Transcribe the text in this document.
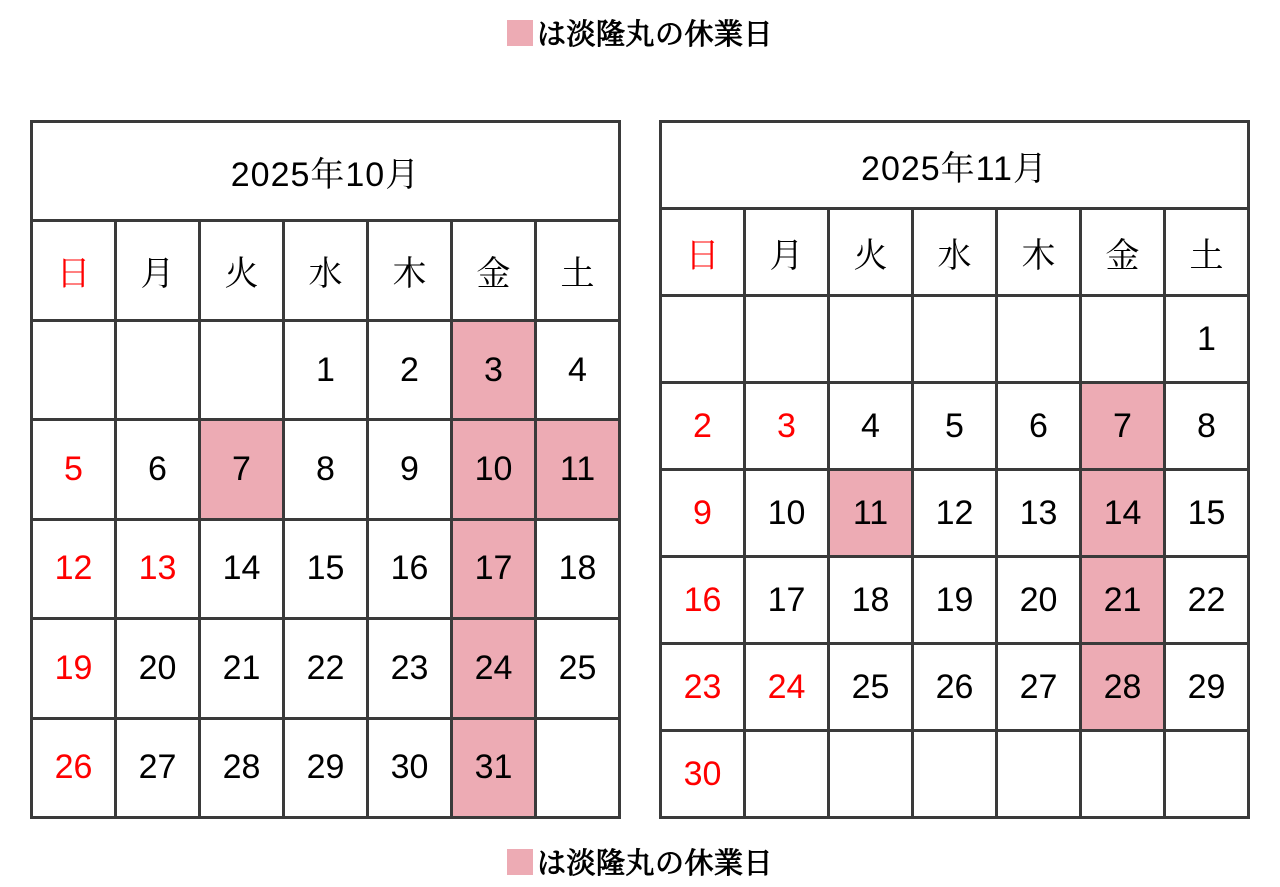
は淡隆丸の休業日
2025年10月						
日	月	火	水	木	金	土
			1	2	3	4
5	6	7	8	9	10	11
12	13	14	15	16	17	18
19	20	21	22	23	24	25
26	27	28	29	30	31	
2025年11月						
日	月	火	水	木	金	土
						1
2	3	4	5	6	7	8
9	10	11	12	13	14	15
16	17	18	19	20	21	22
23	24	25	26	27	28	29
30						
は淡隆丸の休業日
